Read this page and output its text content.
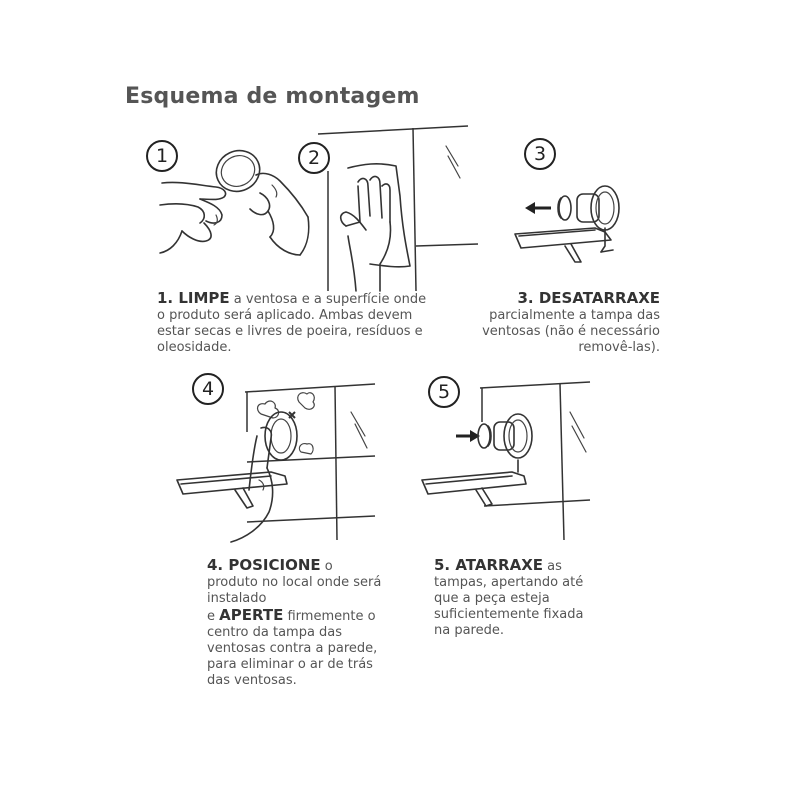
Esquema de montagem
1	2	3

1. LIMPE a ventosa e a superfície onde o produto será aplicado. Ambas devem estar secas e livres de poeira, resíduos e oleosidade.

3. DESATARRAXE

parcialmente a tampa das ventosas (não é necessário removê-las).

4	5

4. POSICIONE o produto no local onde será instalado

e APERTE firmemente o centro da tampa das ventosas contra a parede, para eliminar o ar de trás das ventosas.

5. ATARRAXE as tampas, apertando até que a peça esteja suficientemente fixada na parede.
